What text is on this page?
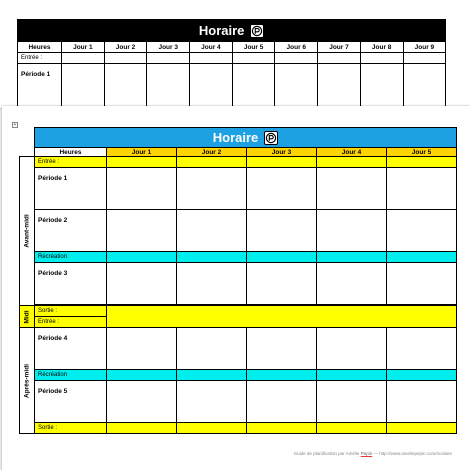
Horaire									

Heures	Jour 1	Jour 2	Jour 3	Jour 4	Jour 5	Jour 6	Jour 7	Jour 8	Jour 9
Entrée :									
Période 1									

	Horaire					

	Heures	Jour 1	Jour 2	Jour 3	Jour 4	Jour 5

Avant-midi	Entrée :					
	Période 1					
	Période 2					
	Récréation					
	Période 3					

Midi	Sortie :					
	Entrée :					

Après-midi	Période 4					
	Récréation					
	Période 5					
	Sortie :					
+
Guide de planification par Amélie Pepin — http://www.ameliepepin.com/scolaire
